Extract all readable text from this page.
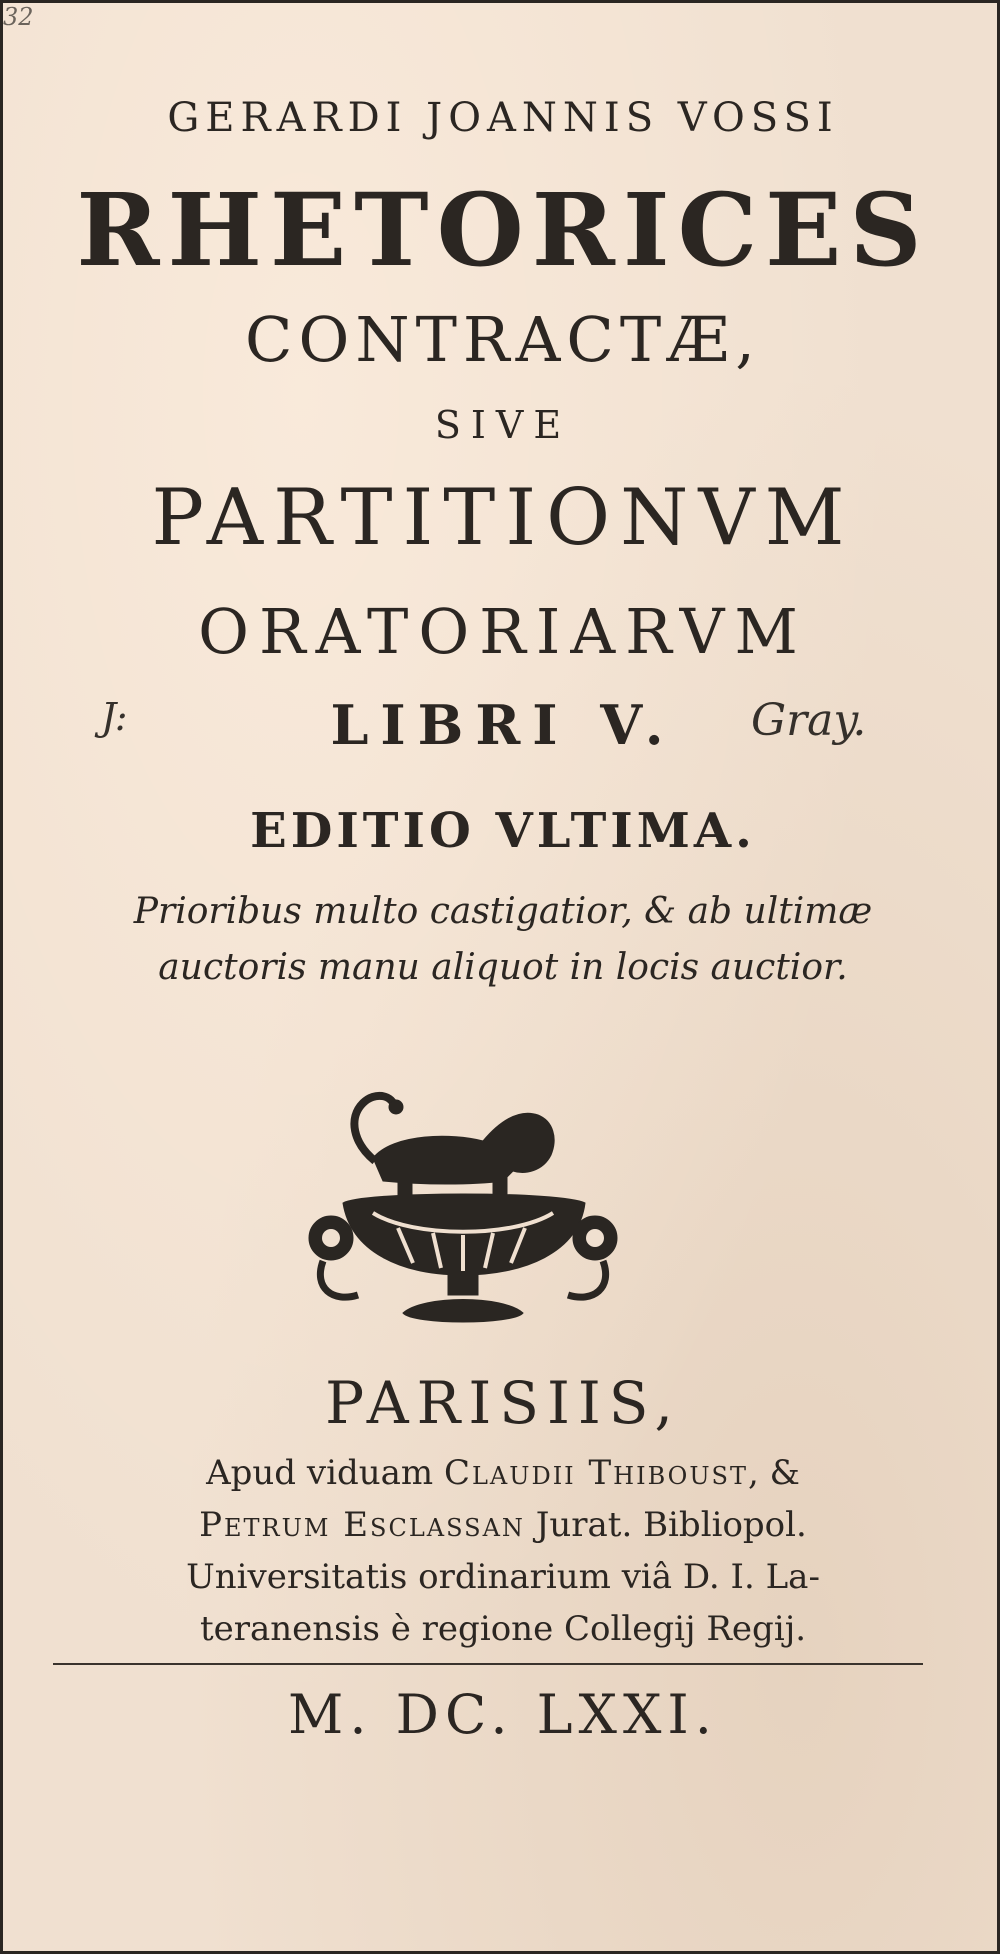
32
GERARDI JOANNIS VOSSI
RHETORICES
CONTRACTÆ,
SIVE
PARTITIONVM
ORATORIARVM
LIBRI V.
J:	Gray.
EDITIO VLTIMA.
Prioribus multo castigatior, & ab ultimæ
auctoris manu aliquot in locis auctior.
PARISIIS,
Apud viduam Claudii Thiboust, &
Petrum Esclassan Jurat. Bibliopol.
Universitatis ordinarium viâ D. I. La-
teranensis è regione Collegij Regij.
M. DC. LXXI.
